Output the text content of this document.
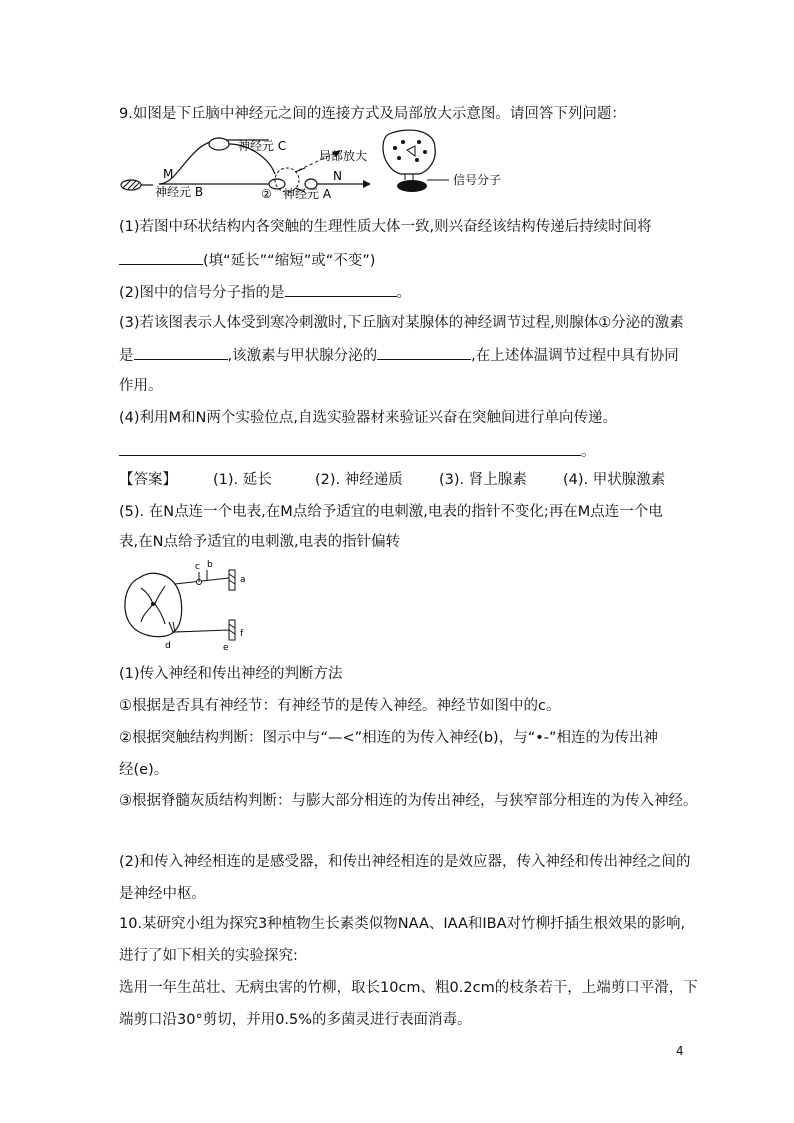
9.如图是下丘脑中神经元之间的连接方式及局部放大示意图。请回答下列问题：
神经元 C
局部放大
M	N
神经元 B	② 神经元 A
信号分子
(1)若图中环状结构内各突触的生理性质大体一致,则兴奋经该结构传递后持续时间将
(填“延长”“缩短”或“不变”)
(2)图中的信号分子指的是	。
(3)若该图表示人体受到寒冷刺激时,下丘脑对某腺体的神经调节过程,则腺体①分泌的激素
是	,该激素与甲状腺分泌的	,在上述体温调节过程中具有协同
作用。
(4)利用M和N两个实验位点,自选实验器材来验证兴奋在突触间进行单向传递。
。
【答案】 (1). 延长	(2). 神经递质 (3). 肾上腺素 (4). 甲状腺激素
(5). 在N点连一个电表,在M点给予适宜的电刺激,电表的指针不变化;再在M点连一个电
表,在N点给予适宜的电刺激,电表的指针偏转
c b
a
d	e
f
(1)传入神经和传出神经的判断方法
①根据是否具有神经节：有神经节的是传入神经。神经节如图中的c。
②根据突触结构判断：图示中与“—<”相连的为传入神经(b)，与“•-”相连的为传出神
经(e)。
③根据脊髓灰质结构判断：与膨大部分相连的为传出神经，与狭窄部分相连的为传入神经。
(2)和传入神经相连的是感受器，和传出神经相连的是效应器，传入神经和传出神经之间的
是神经中枢。
10.某研究小组为探究3种植物生长素类似物NAA、IAA和IBA对竹柳扦插生根效果的影响,
进行了如下相关的实验探究:
选用一年生茁壮、无病虫害的竹柳，取长10cm、粗0.2cm的枝条若干，上端剪口平滑，下
端剪口沿30°剪切，并用0.5%的多菌灵进行表面消毒。
4
